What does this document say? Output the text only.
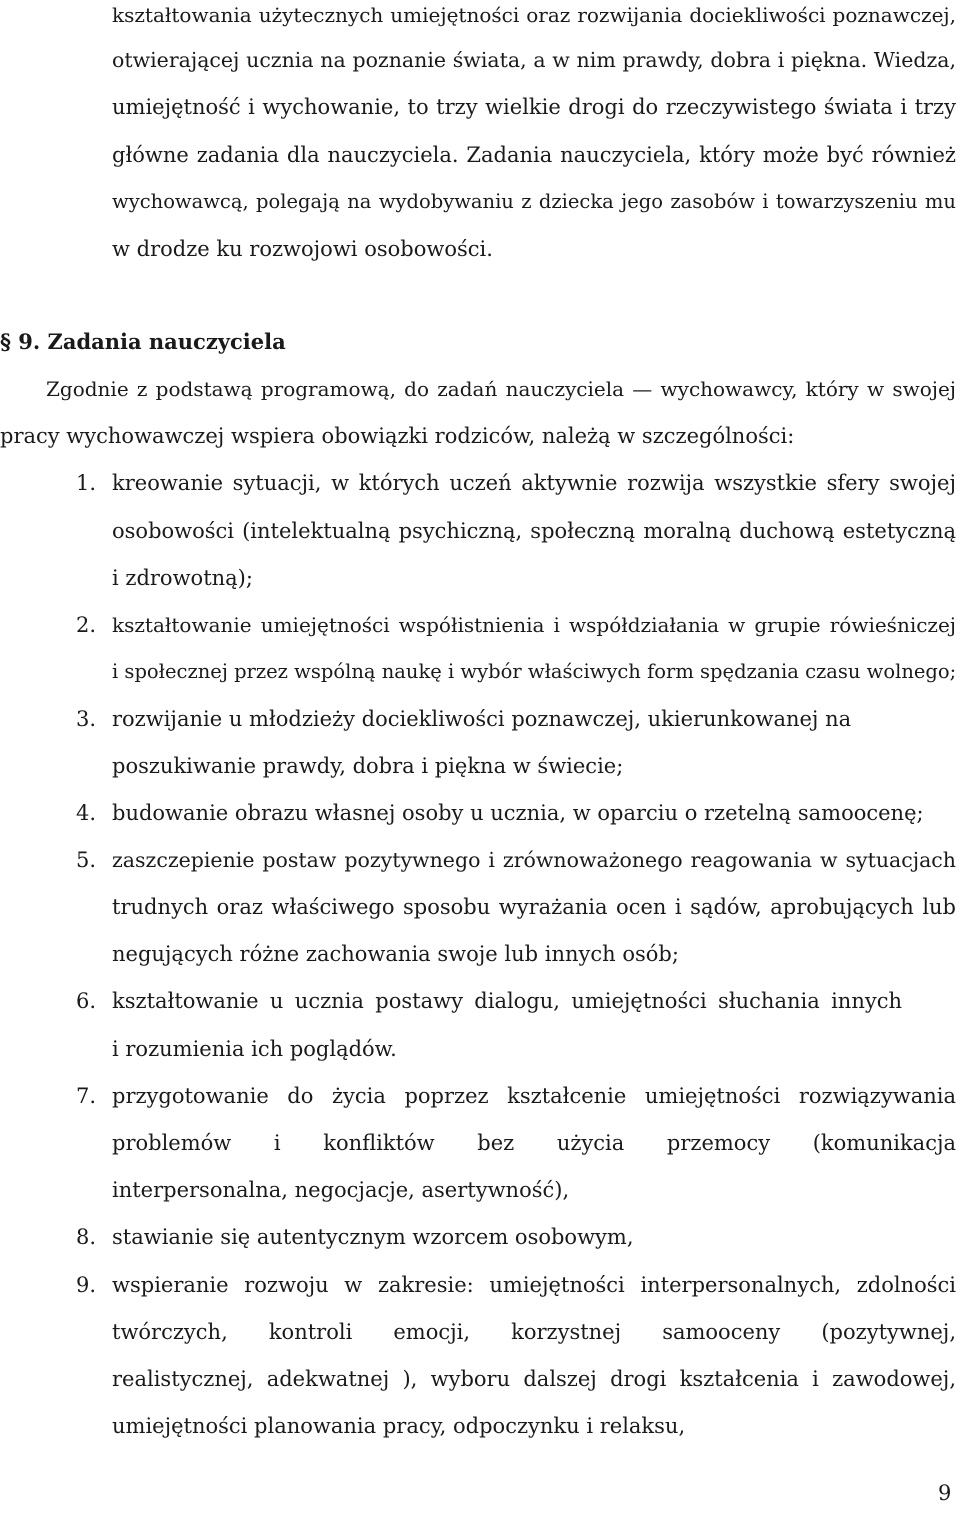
kształtowania użytecznych umiejętności oraz rozwijania dociekliwości poznawczej,
otwierającej ucznia na poznanie świata, a w nim prawdy, dobra i piękna. Wiedza,
umiejętność i wychowanie, to trzy wielkie drogi do rzeczywistego świata i trzy
główne zadania dla nauczyciela. Zadania nauczyciela, który może być również
wychowawcą, polegają na wydobywaniu z dziecka jego zasobów i towarzyszeniu mu
w drodze ku rozwojowi osobowości.
§ 9. Zadania nauczyciela
Zgodnie z podstawą programową, do zadań nauczyciela — wychowawcy, który w swojej
pracy wychowawczej wspiera obowiązki rodziców, należą w szczególności:
1. kreowanie sytuacji, w których uczeń aktywnie rozwija wszystkie sfery swojej
osobowości (intelektualną psychiczną, społeczną moralną duchową estetyczną
i zdrowotną);
2. kształtowanie umiejętności współistnienia i współdziałania w grupie rówieśniczej
i społecznej przez wspólną naukę i wybór właściwych form spędzania czasu wolnego;
3. rozwijanie u młodzieży dociekliwości poznawczej, ukierunkowanej na
poszukiwanie prawdy, dobra i piękna w świecie;
4. budowanie obrazu własnej osoby u ucznia, w oparciu o rzetelną samoocenę;
5. zaszczepienie postaw pozytywnego i zrównoważonego reagowania w sytuacjach
trudnych oraz właściwego sposobu wyrażania ocen i sądów, aprobujących lub
negujących różne zachowania swoje lub innych osób;
6. kształtowanie u ucznia postawy dialogu, umiejętności słuchania innych
i rozumienia ich poglądów.
7. przygotowanie do życia poprzez kształcenie umiejętności rozwiązywania
problemów i konfliktów bez użycia przemocy (komunikacja
interpersonalna, negocjacje, asertywność),
8. stawianie się autentycznym wzorcem osobowym,
9. wspieranie rozwoju w zakresie: umiejętności interpersonalnych, zdolności
twórczych, kontroli emocji, korzystnej samooceny (pozytywnej,
realistycznej, adekwatnej ), wyboru dalszej drogi kształcenia i zawodowej,
umiejętności planowania pracy, odpoczynku i relaksu,
9
